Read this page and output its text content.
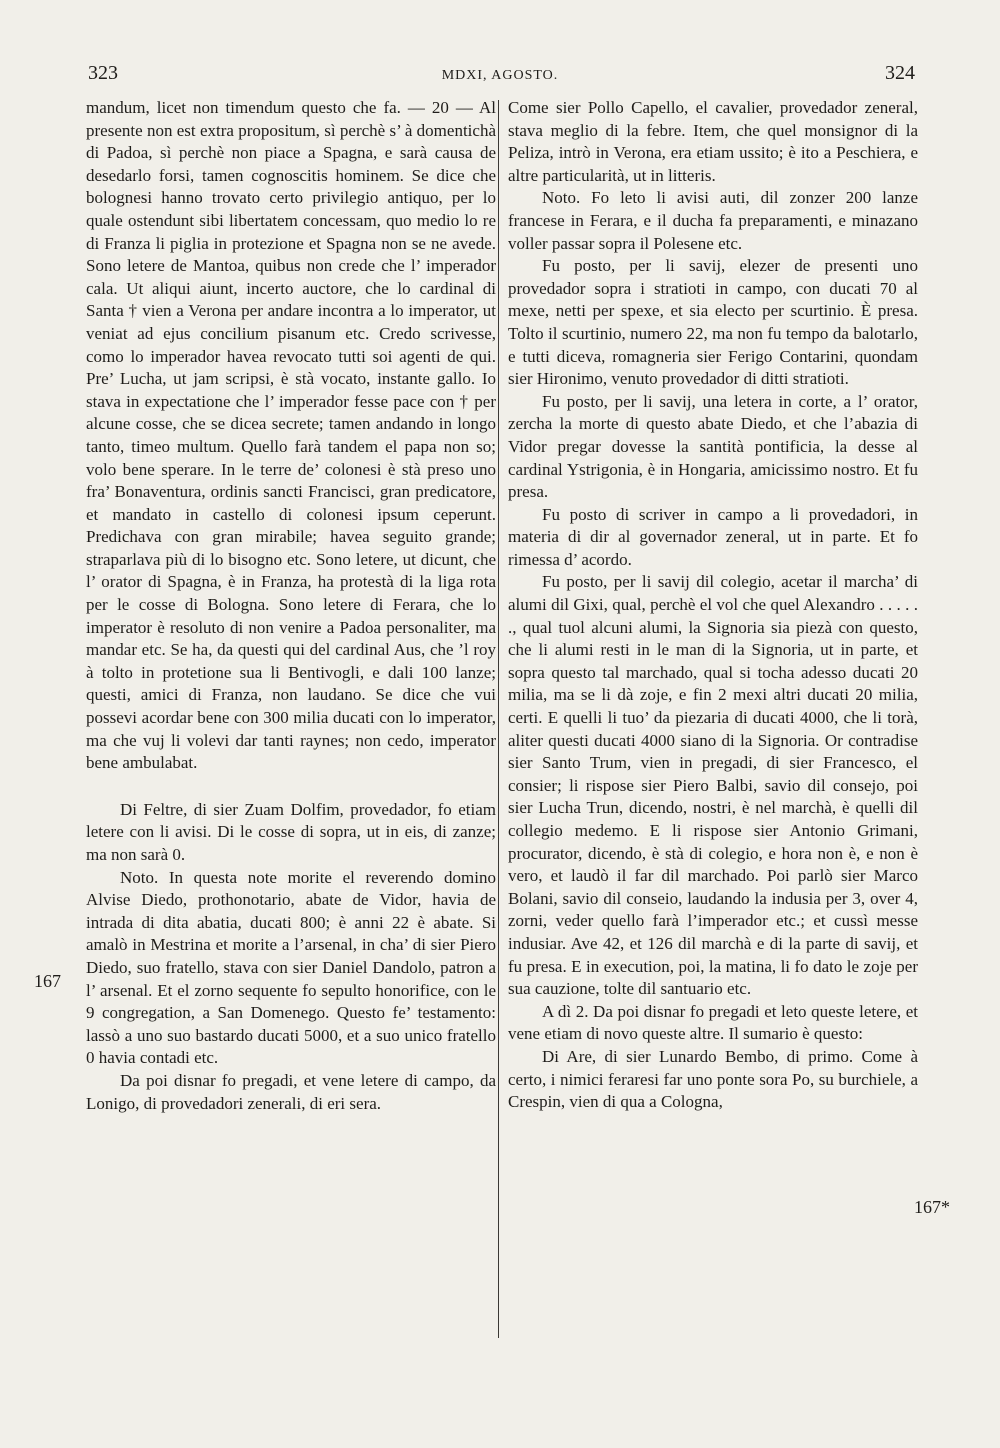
323	MDXI, AGOSTO.	324
167
167*

mandum, licet non timendum questo che fa. — 20 — Al presente non est extra propositum, sì perchè s’ à domentichà di Padoa, sì perchè non piace a Spagna, e sarà causa de desedarlo forsi, tamen cognoscitis hominem. Se dice che bolognesi hanno trovato certo privilegio antiquo, per lo quale ostendunt sibi libertatem concessam, quo medio lo re di Franza li piglia in protezione et Spagna non se ne avede. Sono letere de Mantoa, quibus non crede che l’ imperador cala. Ut aliqui aiunt, incerto auctore, che lo cardinal di Santa † vien a Verona per andare incontra a lo imperator, ut veniat ad ejus concilium pisanum etc. Credo scrivesse, como lo imperador havea revocato tutti soi agenti de qui. Pre’ Lucha, ut jam scripsi, è stà vocato, instante gallo. Io stava in expectatione che l’ imperador fesse pace con † per alcune cosse, che se dicea secrete; tamen andando in longo tanto, timeo multum. Quello farà tandem el papa non so; volo bene sperare. In le terre de’ colonesi è stà preso uno fra’ Bonaventura, ordinis sancti Francisci, gran predicatore, et mandato in castello di colonesi ipsum ceperunt. Predichava con gran mirabile; havea seguito grande; straparlava più di lo bisogno etc. Sono letere, ut dicunt, che l’ orator di Spagna, è in Franza, ha protestà di la liga rota per le cosse di Bologna. Sono letere di Ferara, che lo imperator è resoluto di non venire a Padoa personaliter, ma mandar etc. Se ha, da questi qui del cardinal Aus, che ’l roy à tolto in protetione sua li Bentivogli, e dali 100 lanze; questi, amici di Franza, non laudano. Se dice che vui possevi acordar bene con 300 milia ducati con lo imperator, ma che vuj li volevi dar tanti raynes; non cedo, imperator bene ambulabat.

Di Feltre, di sier Zuam Dolfim, provedador, fo etiam letere con li avisi. Di le cosse di sopra, ut in eis, di zanze; ma non sarà 0.

Noto. In questa note morite el reverendo domino Alvise Diedo, prothonotario, abate de Vidor, havia de intrada di dita abatia, ducati 800; è anni 22 è abate. Si amalò in Mestrina et morite a l’arsenal, in cha’ di sier Piero Diedo, suo fratello, stava con sier Daniel Dandolo, patron a l’ arsenal. Et el zorno sequente fo sepulto honorifice, con le 9 congregation, a San Domenego. Questo fe’ testamento: lassò a uno suo bastardo ducati 5000, et a suo unico fratello 0 havia contadi etc.

Da poi disnar fo pregadi, et vene letere di campo, da Lonigo, di provedadori zenerali, di eri sera.

Come sier Pollo Capello, el cavalier, provedador zeneral, stava meglio di la febre. Item, che quel monsignor di la Peliza, intrò in Verona, era etiam ussito; è ito a Peschiera, e altre particularità, ut in litteris.

Noto. Fo leto li avisi auti, dil zonzer 200 lanze francese in Ferara, e il ducha fa preparamenti, e minazano voller passar sopra il Polesene etc.

Fu posto, per li savij, elezer de presenti uno provedador sopra i stratioti in campo, con ducati 70 al mexe, netti per spexe, et sia electo per scurtinio. È presa. Tolto il scurtinio, numero 22, ma non fu tempo da balotarlo, e tutti diceva, romagneria sier Ferigo Contarini, quondam sier Hironimo, venuto provedador di ditti stratioti.

Fu posto, per li savij, una letera in corte, a l’ orator, zercha la morte di questo abate Diedo, et che l’abazia di Vidor pregar dovesse la santità pontificia, la desse al cardinal Ystrigonia, è in Hongaria, amicissimo nostro. Et fu presa.

Fu posto di scriver in campo a li provedadori, in materia di dir al governador zeneral, ut in parte. Et fo rimessa d’ acordo.

Fu posto, per li savij dil colegio, acetar il marcha’ di alumi dil Gixi, qual, perchè el vol che quel Alexandro . . . . . ., qual tuol alcuni alumi, la Signoria sia piezà con questo, che li alumi resti in le man di la Signoria, ut in parte, et sopra questo tal marchado, qual si tocha adesso ducati 20 milia, ma se li dà zoje, e fin 2 mexi altri ducati 20 milia, certi. E quelli li tuo’ da piezaria di ducati 4000, che li torà, aliter questi ducati 4000 siano di la Signoria. Or contradise sier Santo Trum, vien in pregadi, di sier Francesco, el consier; li rispose sier Piero Balbi, savio dil consejo, poi sier Lucha Trun, dicendo, nostri, è nel marchà, è quelli dil collegio medemo. E li rispose sier Antonio Grimani, procurator, dicendo, è stà di colegio, e hora non è, e non è vero, et laudò il far dil marchado. Poi parlò sier Marco Bolani, savio dil conseio, laudando la indusia per 3, over 4, zorni, veder quello farà l’imperador etc.; et cussì messe indusiar. Ave 42, et 126 dil marchà e di la parte di savij, et fu presa. E in execution, poi, la matina, li fo dato le zoje per sua cauzione, tolte dil santuario etc.

A dì 2. Da poi disnar fo pregadi et leto queste letere, et vene etiam di novo queste altre. Il sumario è questo:

Di Are, di sier Lunardo Bembo, di primo. Come à certo, i nimici feraresi far uno ponte sora Po, su burchiele, a Crespin, vien di qua a Cologna,
